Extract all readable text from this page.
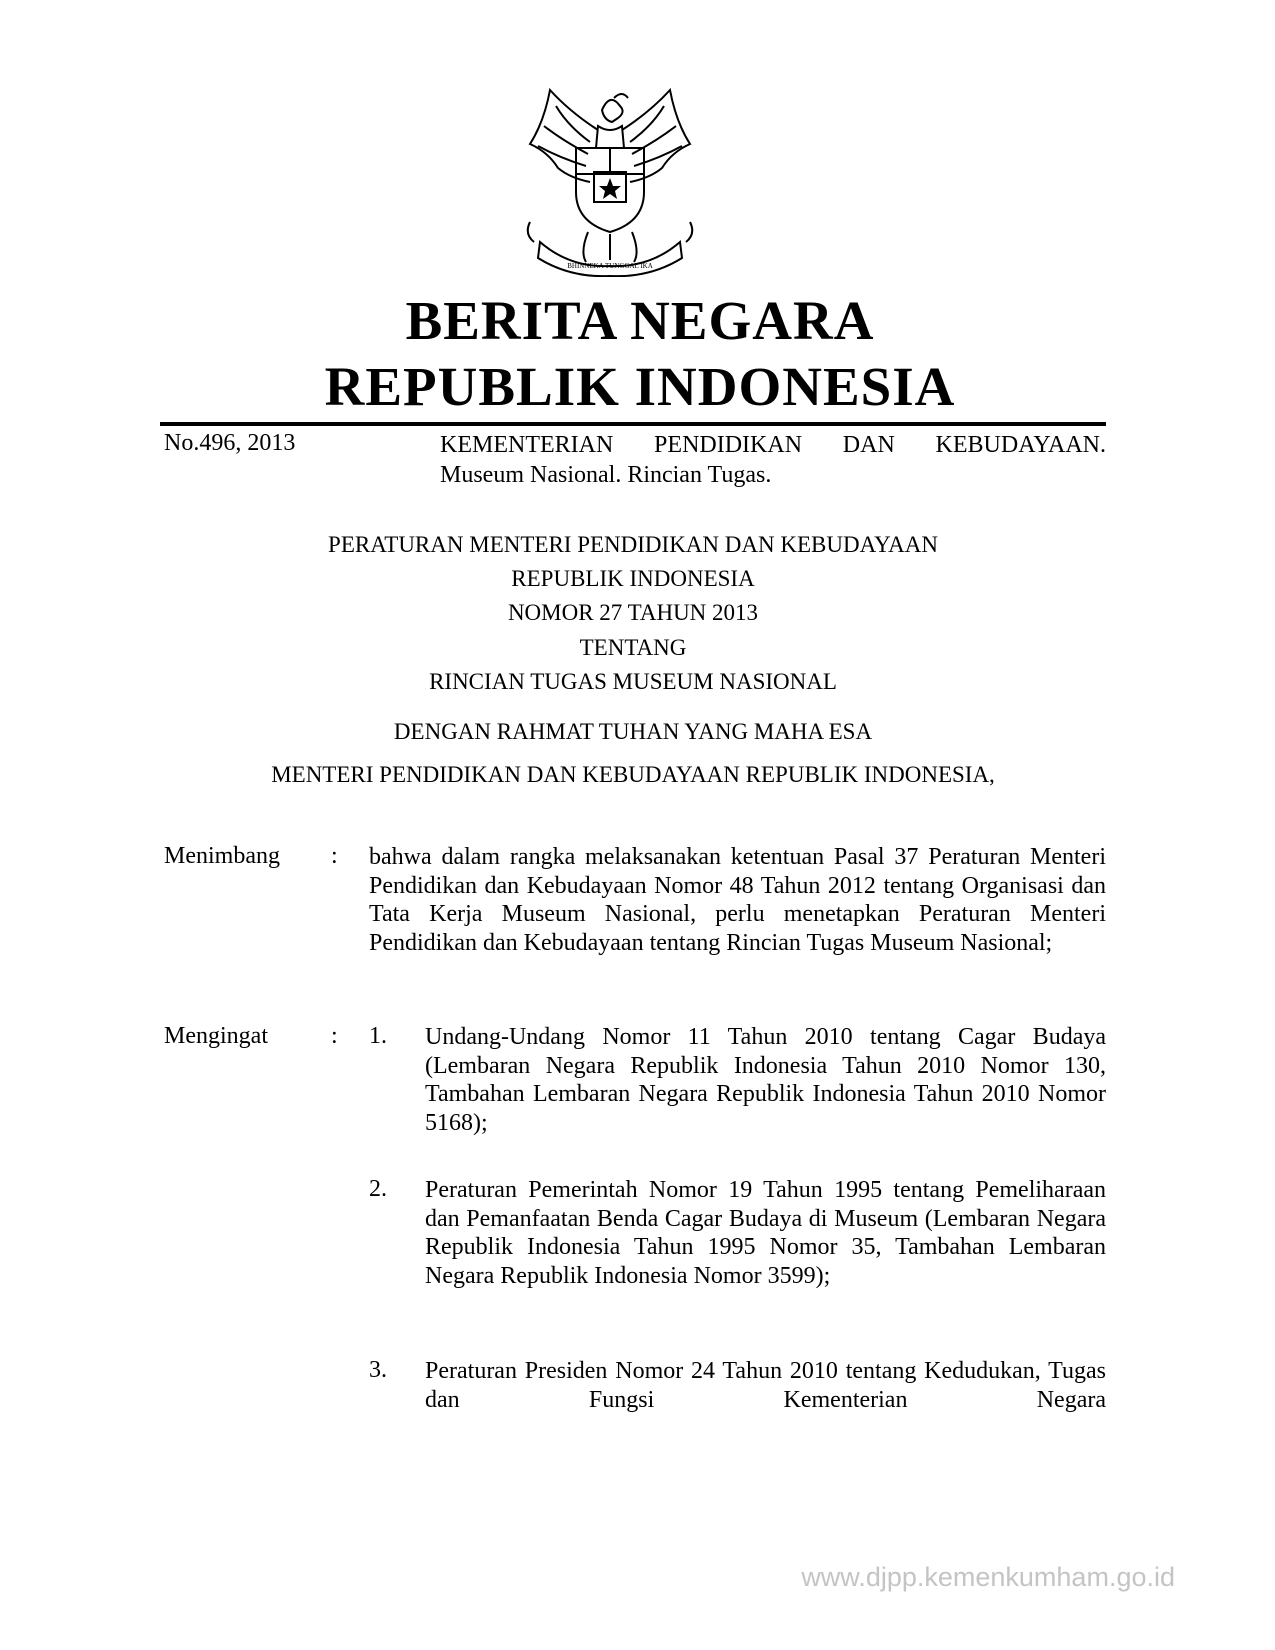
BHINNEKA TUNGGAL IKA
BERITA NEGARA
REPUBLIK INDONESIA
No.496, 2013	KEMENTERIAN PENDIDIKAN DAN KEBUDAYAAN.
Museum Nasional. Rincian Tugas.
PERATURAN MENTERI PENDIDIKAN DAN KEBUDAYAAN
REPUBLIK INDONESIA
NOMOR 27 TAHUN 2013
TENTANG
RINCIAN TUGAS MUSEUM NASIONAL
DENGAN RAHMAT TUHAN YANG MAHA ESA
MENTERI PENDIDIKAN DAN KEBUDAYAAN REPUBLIK INDONESIA,
Menimbang : bahwa dalam rangka melaksanakan ketentuan Pasal 37 Peraturan Menteri Pendidikan dan Kebudayaan Nomor 48 Tahun 2012 tentang Organisasi dan Tata Kerja Museum Nasional, perlu menetapkan Peraturan Menteri Pendidikan dan Kebudayaan tentang Rincian Tugas Museum Nasional;
Mengingat	: 1. Undang-Undang Nomor 11 Tahun 2010 tentang Cagar Budaya (Lembaran Negara Republik Indonesia Tahun 2010 Nomor 130, Tambahan Lembaran Negara Republik Indonesia Tahun 2010 Nomor 5168);
2. Peraturan Pemerintah Nomor 19 Tahun 1995 tentang Pemeliharaan dan Pemanfaatan Benda Cagar Budaya di Museum (Lembaran Negara Republik Indonesia Tahun 1995 Nomor 35, Tambahan Lembaran Negara Republik Indonesia Nomor 3599);
3. Peraturan Presiden Nomor 24 Tahun 2010 tentang Kedudukan, Tugas dan Fungsi Kementerian Negara
www.djpp.kemenkumham.go.id
